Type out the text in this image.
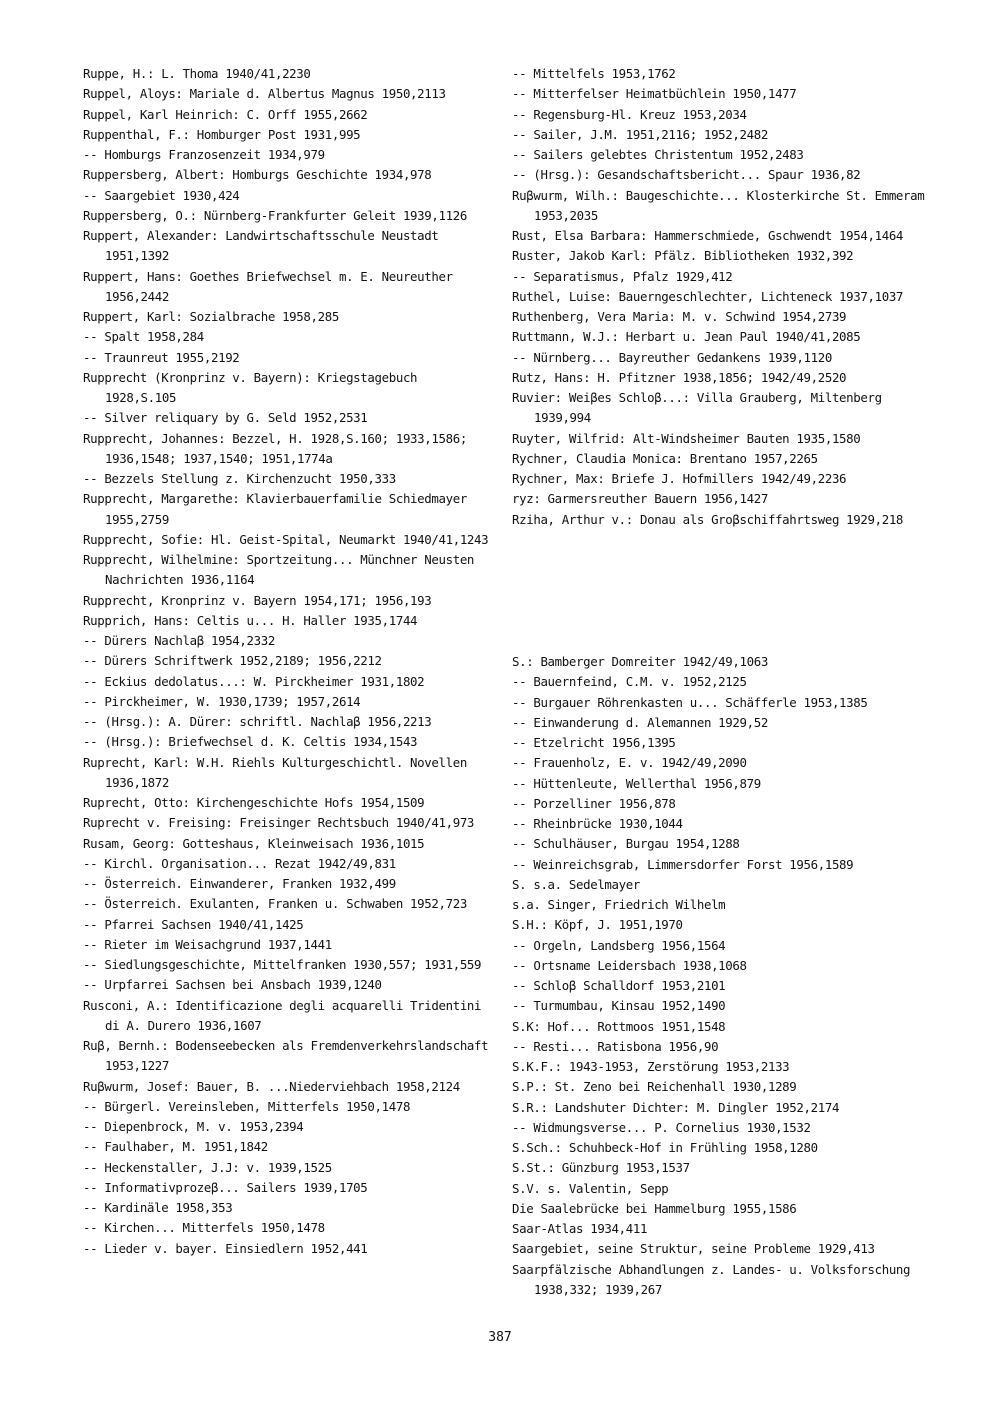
Ruppe, H.: L. Thoma 1940/41,2230
Ruppel, Aloys: Mariale d. Albertus Magnus 1950,2113
Ruppel, Karl Heinrich: C. Orff 1955,2662
Ruppenthal, F.: Homburger Post 1931,995
-- Homburgs Franzosenzeit 1934,979
Ruppersberg, Albert: Homburgs Geschichte 1934,978
-- Saargebiet 1930,424
Ruppersberg, O.: Nürnberg-Frankfurter Geleit 1939,1126
Ruppert, Alexander: Landwirtschaftsschule Neustadt 1951,1392
Ruppert, Hans: Goethes Briefwechsel m. E. Neureuther 1956,2442
Ruppert, Karl: Sozialbrache 1958,285
-- Spalt 1958,284
-- Traunreut 1955,2192
Rupprecht (Kronprinz v. Bayern): Kriegstagebuch 1928,S.105
-- Silver reliquary by G. Seld 1952,2531
Rupprecht, Johannes: Bezzel, H. 1928,S.160; 1933,1586; 1936,1548; 1937,1540; 1951,1774a
-- Bezzels Stellung z. Kirchenzucht 1950,333
Rupprecht, Margarethe: Klavierbauerfamilie Schiedmayer 1955,2759
Rupprecht, Sofie: Hl. Geist-Spital, Neumarkt 1940/41,1243
Rupprecht, Wilhelmine: Sportzeitung... Münchner Neusten Nachrichten 1936,1164
Rupprecht, Kronprinz v. Bayern 1954,171; 1956,193
Rupprich, Hans: Celtis u... H. Haller 1935,1744
-- Dürers Nachlaβ 1954,2332
-- Dürers Schriftwerk 1952,2189; 1956,2212
-- Eckius dedolatus...: W. Pirckheimer 1931,1802
-- Pirckheimer, W. 1930,1739; 1957,2614
-- (Hrsg.): A. Dürer: schriftl. Nachlaβ 1956,2213
-- (Hrsg.): Briefwechsel d. K. Celtis 1934,1543
Ruprecht, Karl: W.H. Riehls Kulturgeschichtl. Novellen 1936,1872
Ruprecht, Otto: Kirchengeschichte Hofs 1954,1509
Ruprecht v. Freising: Freisinger Rechtsbuch 1940/41,973
Rusam, Georg: Gotteshaus, Kleinweisach 1936,1015
-- Kirchl. Organisation... Rezat 1942/49,831
-- Österreich. Einwanderer, Franken 1932,499
-- Österreich. Exulanten, Franken u. Schwaben 1952,723
-- Pfarrei Sachsen 1940/41,1425
-- Rieter im Weisachgrund 1937,1441
-- Siedlungsgeschichte, Mittelfranken 1930,557; 1931,559
-- Urpfarrei Sachsen bei Ansbach 1939,1240
Rusconi, A.: Identificazione degli acquarelli Tridentini di A. Durero 1936,1607
Ruβ, Bernh.: Bodenseebecken als Fremdenverkehrslandschaft 1953,1227
Ruβwurm, Josef: Bauer, B. ...Niederviehbach 1958,2124
-- Bürgerl. Vereinsleben, Mitterfels 1950,1478
-- Diepenbrock, M. v. 1953,2394
-- Faulhaber, M. 1951,1842
-- Heckenstaller, J.J: v. 1939,1525
-- Informativprozeβ... Sailers 1939,1705
-- Kardinäle 1958,353
-- Kirchen... Mitterfels 1950,1478
-- Lieder v. bayer. Einsiedlern 1952,441
-- Mittelfels 1953,1762
-- Mitterfelser Heimatbüchlein 1950,1477
-- Regensburg-Hl. Kreuz 1953,2034
-- Sailer, J.M. 1951,2116; 1952,2482
-- Sailers gelebtes Christentum 1952,2483
-- (Hrsg.): Gesandschaftsbericht... Spaur 1936,82
Ruβwurm, Wilh.: Baugeschichte... Klosterkirche St. Emmeram 1953,2035
Rust, Elsa Barbara: Hammerschmiede, Gschwendt 1954,1464
Ruster, Jakob Karl: Pfälz. Bibliotheken 1932,392
-- Separatismus, Pfalz 1929,412
Ruthel, Luise: Bauerngeschlechter, Lichteneck 1937,1037
Ruthenberg, Vera Maria: M. v. Schwind 1954,2739
Ruttmann, W.J.: Herbart u. Jean Paul 1940/41,2085
-- Nürnberg... Bayreuther Gedankens 1939,1120
Rutz, Hans: H. Pfitzner 1938,1856; 1942/49,2520
Ruvier: Weiβes Schloβ...: Villa Grauberg, Miltenberg 1939,994
Ruyter, Wilfrid: Alt-Windsheimer Bauten 1935,1580
Rychner, Claudia Monica: Brentano 1957,2265
Rychner, Max: Briefe J. Hofmillers 1942/49,2236
ryz: Garmersreuther Bauern 1956,1427
Rziha, Arthur v.: Donau als Groβschiffahrtsweg 1929,218
S.: Bamberger Domreiter 1942/49,1063
-- Bauernfeind, C.M. v. 1952,2125
-- Burgauer Röhrenkasten u... Schäfferle 1953,1385
-- Einwanderung d. Alemannen 1929,52
-- Etzelricht 1956,1395
-- Frauenholz, E. v. 1942/49,2090
-- Hüttenleute, Wellerthal 1956,879
-- Porzelliner 1956,878
-- Rheinbrücke 1930,1044
-- Schulhäuser, Burgau 1954,1288
-- Weinreichsgrab, Limmersdorfer Forst 1956,1589
S. s.a. Sedelmayer
s.a. Singer, Friedrich Wilhelm
S.H.: Köpf, J. 1951,1970
-- Orgeln, Landsberg 1956,1564
-- Ortsname Leidersbach 1938,1068
-- Schloβ Schalldorf 1953,2101
-- Turmumbau, Kinsau 1952,1490
S.K: Hof... Rottmoos 1951,1548
-- Resti... Ratisbona 1956,90
S.K.F.: 1943-1953, Zerstörung 1953,2133
S.P.: St. Zeno bei Reichenhall 1930,1289
S.R.: Landshuter Dichter: M. Dingler 1952,2174
-- Widmungsverse... P. Cornelius 1930,1532
S.Sch.: Schuhbeck-Hof in Frühling 1958,1280
S.St.: Günzburg 1953,1537
S.V. s. Valentin, Sepp
Die Saalebrücke bei Hammelburg 1955,1586
Saar-Atlas 1934,411
Saargebiet, seine Struktur, seine Probleme 1929,413
Saarpfälzische Abhandlungen z. Landes- u. Volksforschung 1938,332; 1939,267
387
